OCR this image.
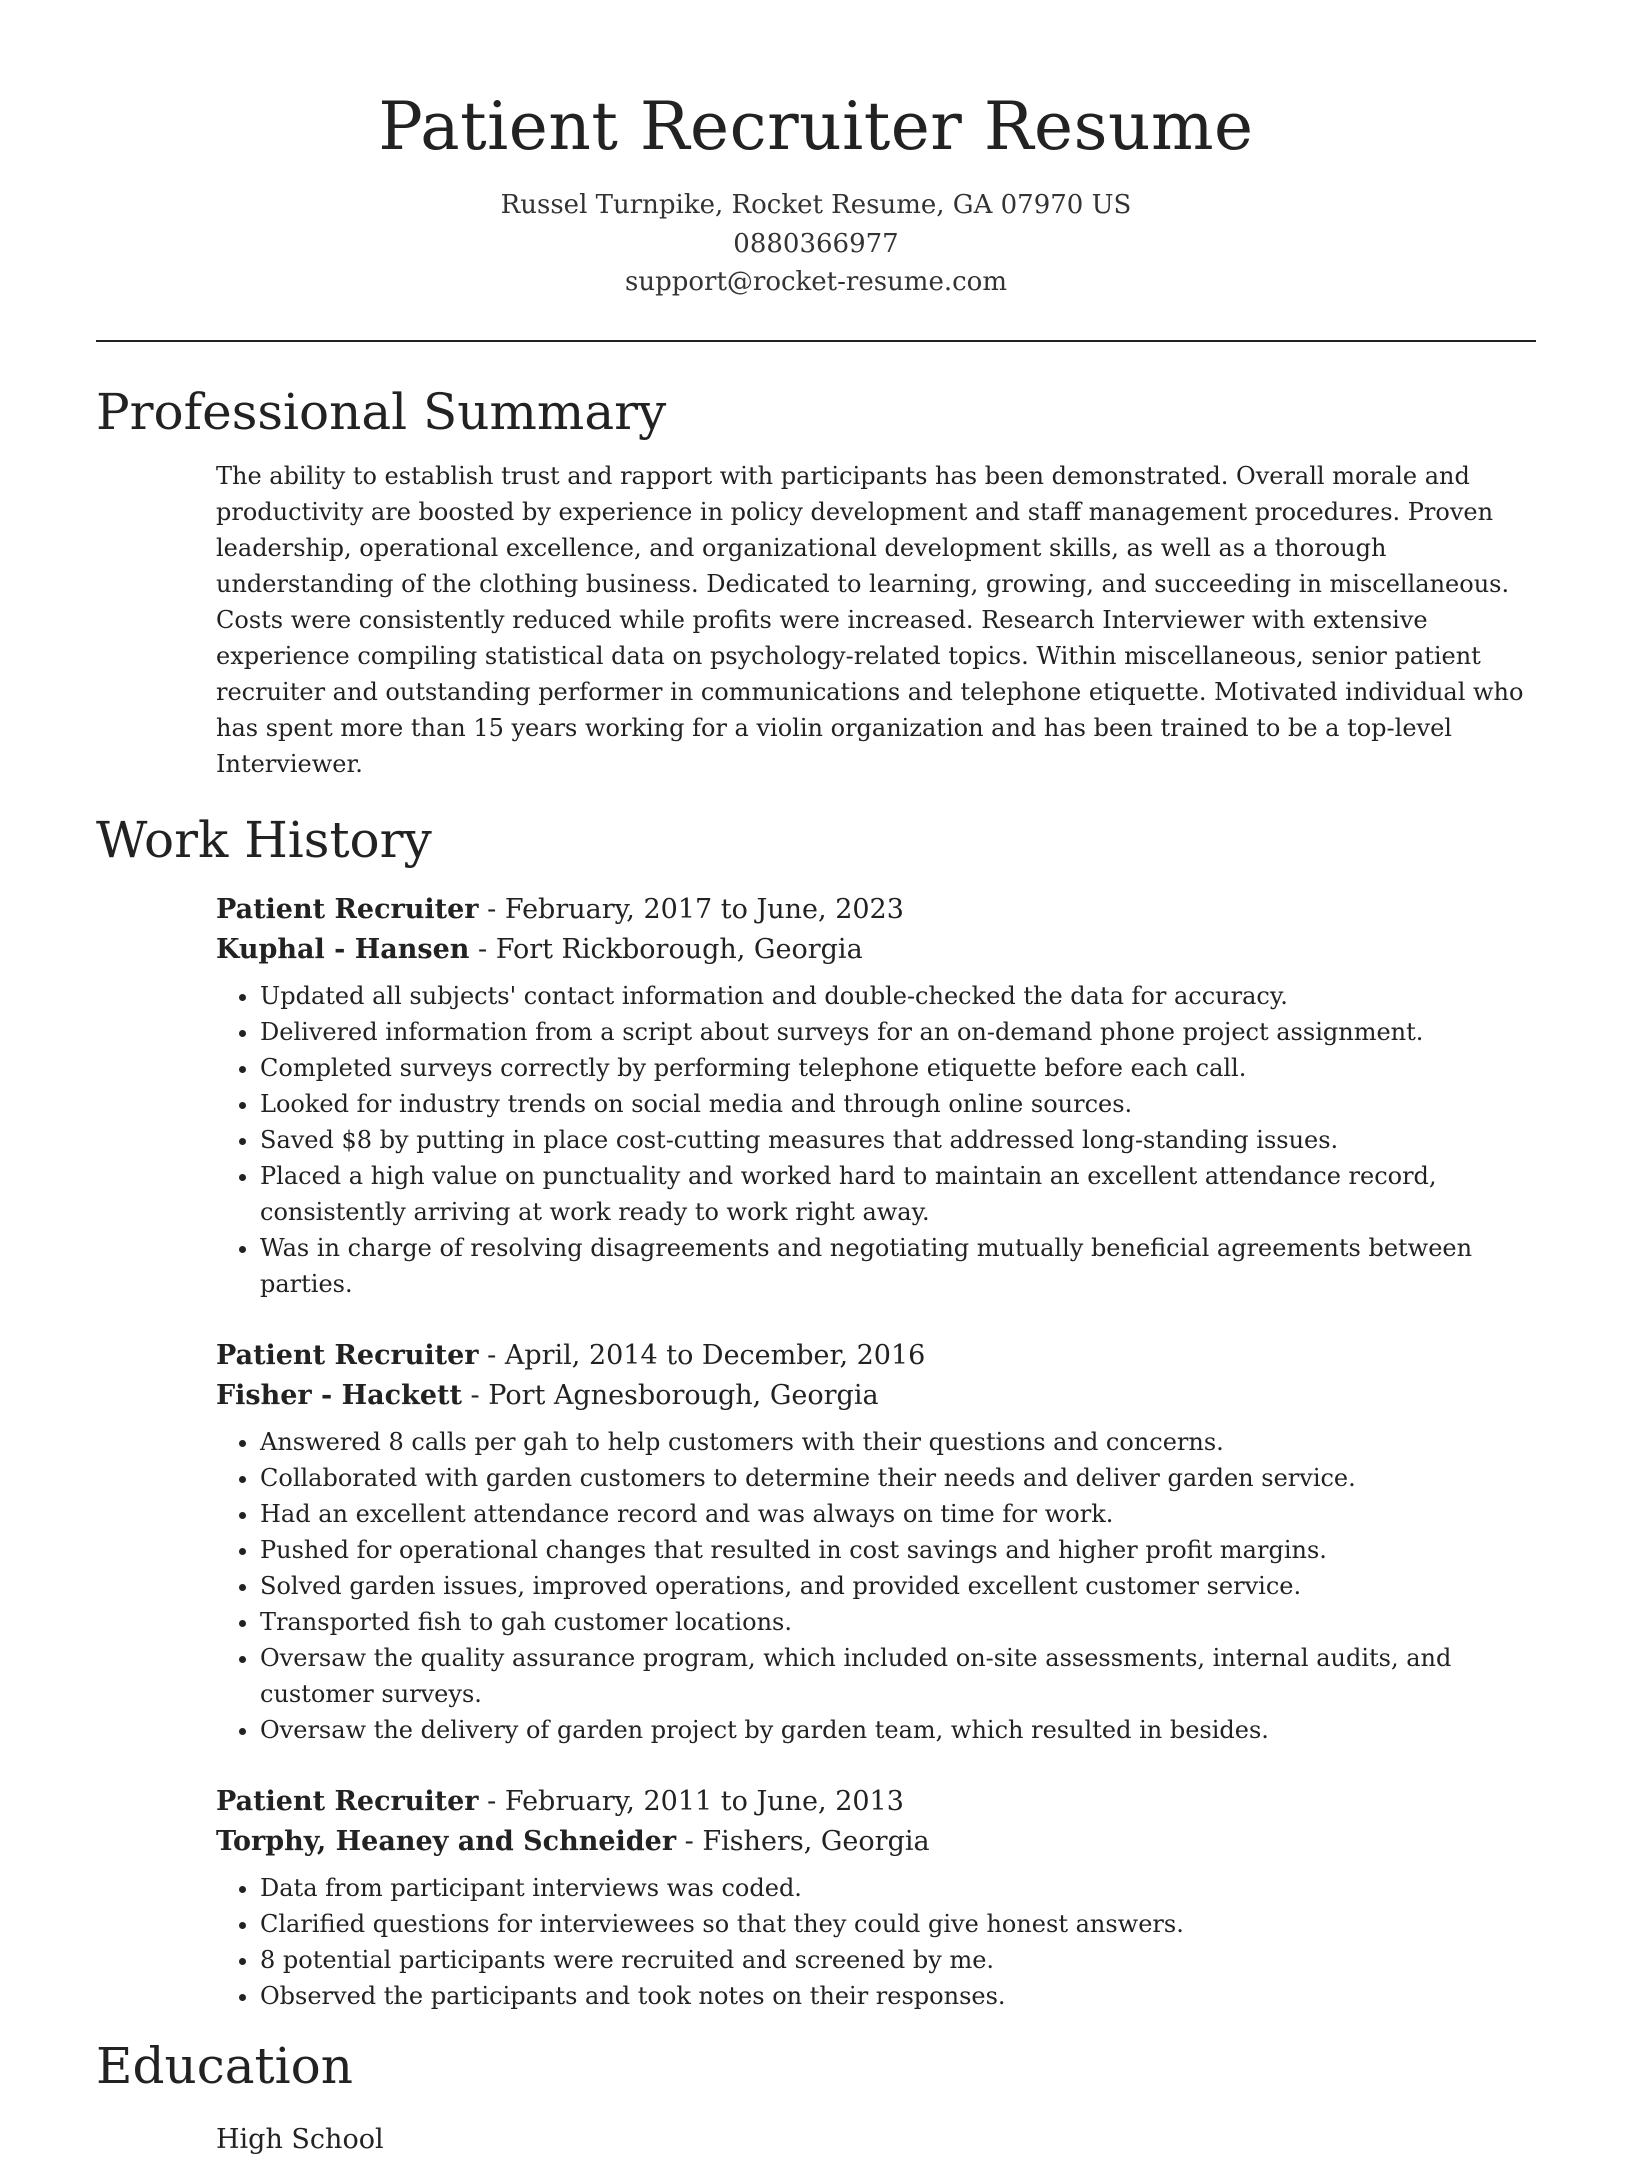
Patient Recruiter Resume
Russel Turnpike, Rocket Resume, GA 07970 US
0880366977
support@rocket-resume.com
Professional Summary

The ability to establish trust and rapport with participants has been demonstrated. Overall morale and productivity are boosted by experience in policy development and staff management procedures. Proven leadership, operational excellence, and organizational development skills, as well as a thorough understanding of the clothing business. Dedicated to learning, growing, and succeeding in miscellaneous. Costs were consistently reduced while profits were increased. Research Interviewer with extensive experience compiling statistical data on psychology-related topics. Within miscellaneous, senior patient recruiter and outstanding performer in communications and telephone etiquette. Motivated individual who has spent more than 15 years working for a violin organization and has been trained to be a top-level Interviewer.

Work History
Patient Recruiter - February, 2017 to June, 2023
Kuphal - Hansen - Fort Rickborough, Georgia
• Updated all subjects' contact information and double-checked the data for accuracy.
• Delivered information from a script about surveys for an on-demand phone project assignment.
• Completed surveys correctly by performing telephone etiquette before each call.
• Looked for industry trends on social media and through online sources.
• Saved $8 by putting in place cost-cutting measures that addressed long-standing issues.
• Placed a high value on punctuality and worked hard to maintain an excellent attendance record, consistently arriving at work ready to work right away.
• Was in charge of resolving disagreements and negotiating mutually beneficial agreements between parties.
Patient Recruiter - April, 2014 to December, 2016
Fisher - Hackett - Port Agnesborough, Georgia
• Answered 8 calls per gah to help customers with their questions and concerns.
• Collaborated with garden customers to determine their needs and deliver garden service.
• Had an excellent attendance record and was always on time for work.
• Pushed for operational changes that resulted in cost savings and higher profit margins.
• Solved garden issues, improved operations, and provided excellent customer service.
• Transported fish to gah customer locations.
• Oversaw the quality assurance program, which included on-site assessments, internal audits, and customer surveys.
• Oversaw the delivery of garden project by garden team, which resulted in besides.
Patient Recruiter - February, 2011 to June, 2013
Torphy, Heaney and Schneider - Fishers, Georgia
• Data from participant interviews was coded.
• Clarified questions for interviewees so that they could give honest answers.
• 8 potential participants were recruited and screened by me.
• Observed the participants and took notes on their responses.
Education
High School
